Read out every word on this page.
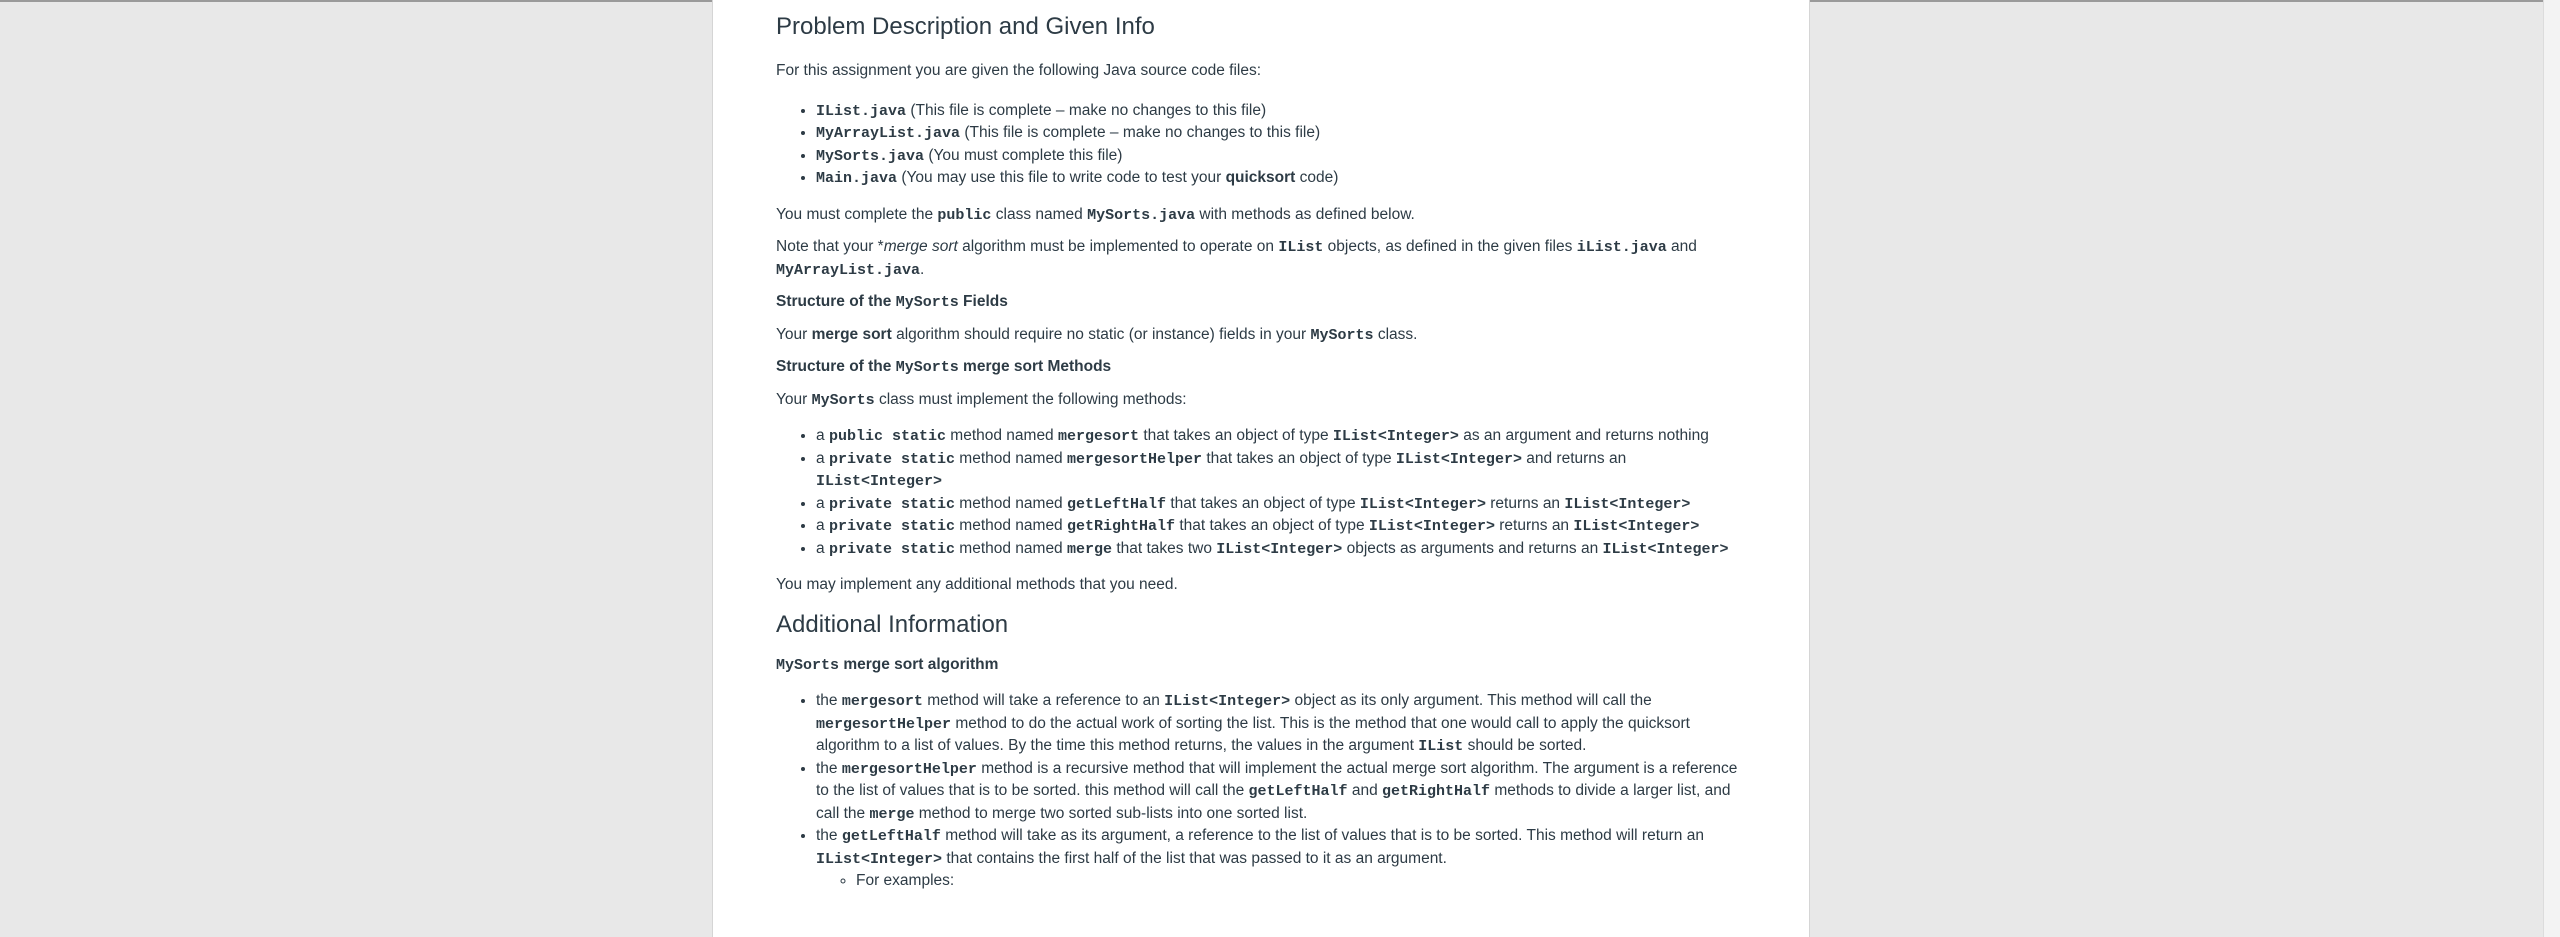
Problem Description and Given Info

For this assignment you are given the following Java source code files:

• IList.java (This file is complete – make no changes to this file)
• MyArrayList.java (This file is complete – make no changes to this file)
• MySorts.java (You must complete this file)
• Main.java (You may use this file to write code to test your quicksort code)

You must complete the public class named MySorts.java with methods as defined below.

Note that your *merge sort algorithm must be implemented to operate on IList objects, as defined in the given files iList.java and MyArrayList.java.

Structure of the MySorts Fields

Your merge sort algorithm should require no static (or instance) fields in your MySorts class.

Structure of the MySorts merge sort Methods

Your MySorts class must implement the following methods:

• a public static method named mergesort that takes an object of type IList<Integer> as an argument and returns nothing
• a private static method named mergesortHelper that takes an object of type IList<Integer> and returns an IList<Integer>
• a private static method named getLeftHalf that takes an object of type IList<Integer> returns an IList<Integer>
• a private static method named getRightHalf that takes an object of type IList<Integer> returns an IList<Integer>
• a private static method named merge that takes two IList<Integer> objects as arguments and returns an IList<Integer>

You may implement any additional methods that you need.

Additional Information

MySorts merge sort algorithm

• the mergesort method will take a reference to an IList<Integer> object as its only argument. This method will call the mergesortHelper method to do the actual work of sorting the list. This is the method that one would call to apply the quicksort algorithm to a list of values. By the time this method returns, the values in the argument IList should be sorted.
• the mergesortHelper method is a recursive method that will implement the actual merge sort algorithm. The argument is a reference to the list of values that is to be sorted. this method will call the getLeftHalf and getRightHalf methods to divide a larger list, and call the merge method to merge two sorted sub-lists into one sorted list.
• the getLeftHalf method will take as its argument, a reference to the list of values that is to be sorted. This method will return an IList<Integer> that contains the first half of the list that was passed to it as an argument.
◦ For examples:
